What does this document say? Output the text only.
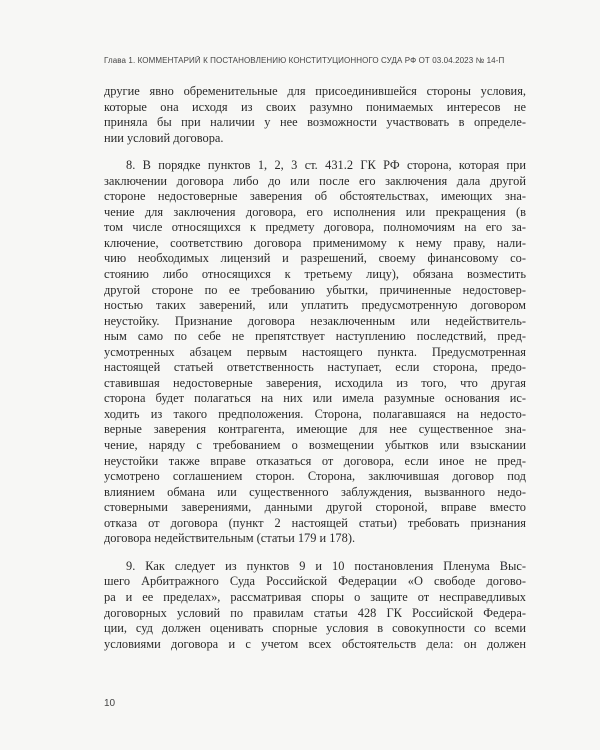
Глава 1. КОММЕНТАРИЙ К ПОСТАНОВЛЕНИЮ КОНСТИТУЦИОННОГО СУДА РФ ОТ 03.04.2023 № 14-П
другие явно обременительные для присоединившейся стороны условия,
которые она исходя из своих разумно понимаемых интересов не
приняла бы при наличии у нее возможности участвовать в определе-
нии условий договора.
8. В порядке пунктов 1, 2, 3 ст. 431.2 ГК РФ сторона, которая при
заключении договора либо до или после его заключения дала другой
стороне недостоверные заверения об обстоятельствах, имеющих зна-
чение для заключения договора, его исполнения или прекращения (в
том числе относящихся к предмету договора, полномочиям на его за-
ключение, соответствию договора применимому к нему праву, нали-
чию необходимых лицензий и разрешений, своему финансовому со-
стоянию либо относящихся к третьему лицу), обязана возместить
другой стороне по ее требованию убытки, причиненные недостовер-
ностью таких заверений, или уплатить предусмотренную договором
неустойку. Признание договора незаключенным или недействитель-
ным само по себе не препятствует наступлению последствий, пред-
усмотренных абзацем первым настоящего пункта. Предусмотренная
настоящей статьей ответственность наступает, если сторона, предо-
ставившая недостоверные заверения, исходила из того, что другая
сторона будет полагаться на них или имела разумные основания ис-
ходить из такого предположения. Сторона, полагавшаяся на недосто-
верные заверения контрагента, имеющие для нее существенное зна-
чение, наряду с требованием о возмещении убытков или взыскании
неустойки также вправе отказаться от договора, если иное не пред-
усмотрено соглашением сторон. Сторона, заключившая договор под
влиянием обмана или существенного заблуждения, вызванного недо-
стоверными заверениями, данными другой стороной, вправе вместо
отказа от договора (пункт 2 настоящей статьи) требовать признания
договора недействительным (статьи 179 и 178).
9. Как следует из пунктов 9 и 10 постановления Пленума Выс-
шего Арбитражного Суда Российской Федерации «О свободе догово-
ра и ее пределах», рассматривая споры о защите от несправедливых
договорных условий по правилам статьи 428 ГК Российской Федера-
ции, суд должен оценивать спорные условия в совокупности со всеми
условиями договора и с учетом всех обстоятельств дела: он должен
10
